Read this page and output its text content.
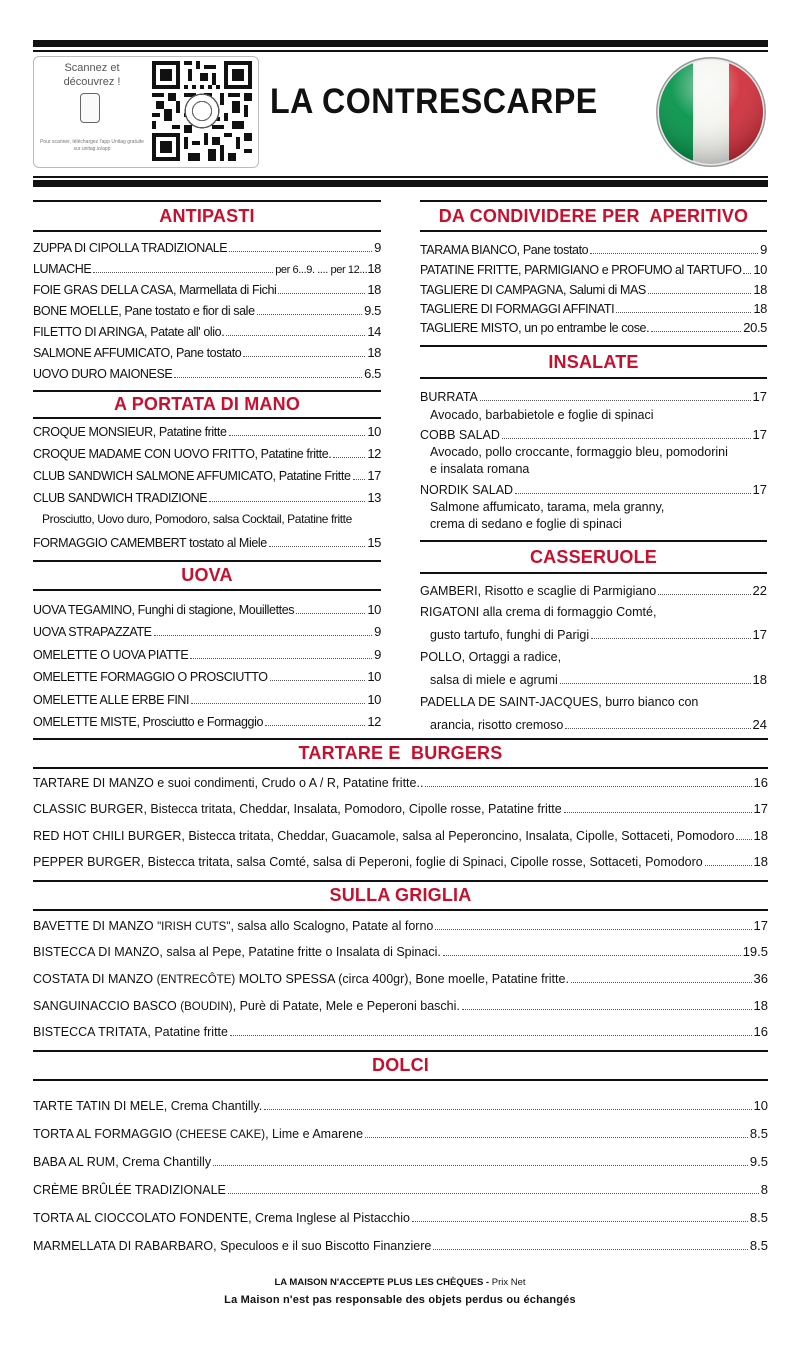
Scannez et découvrez !
Pour scanner, téléchargez l'app Unitag gratuite sur unitag.io/app
LA CONTRESCARPE
ANTIPASTI
ZUPPA DI CIPOLLA TRADIZIONALE	9
LUMACHE	per 6...9. .... per 12... 18
FOIE GRAS DELLA CASA, Marmellata di Fichi	18
BONE MOELLE, Pane tostato e fior di sale	9.5
FILETTO DI ARINGA, Patate all' olio.	14
SALMONE AFFUMICATO, Pane tostato	18
UOVO DURO MAIONESE	6.5
A PORTATA DI MANO
CROQUE MONSIEUR, Patatine fritte	10
CROQUE MADAME CON UOVO FRITTO, Patatine fritte.	12
CLUB SANDWICH SALMONE AFFUMICATO, Patatine Fritte 17
CLUB SANDWICH TRADIZIONE	13
Prosciutto, Uovo duro, Pomodoro, salsa Cocktail, Patatine fritte
FORMAGGIO CAMEMBERT tostato al Miele	15
UOVA
UOVA TEGAMINO, Funghi di stagione, Mouillettes	10
UOVA STRAPAZZATE	9
OMELETTE O UOVA PIATTE	9
OMELETTE FORMAGGIO O PROSCIUTTO	10
OMELETTE ALLE ERBE FINI	10
OMELETTE MISTE, Prosciutto e Formaggio	12
DA CONDIVIDERE PER  APERITIVO
TARAMA BIANCO, Pane tostato	9
PATATINE FRITTE, PARMIGIANO e PROFUMO al TARTUFO 10
TAGLIERE DI CAMPAGNA, Salumi di MAS	18
TAGLIERE DI FORMAGGI AFFINATI	18
TAGLIERE MISTO, un po entrambe le cose.	20.5
INSALATE
BURRATA	17
Avocado, barbabietole e foglie di spinaci
COBB SALAD	17
Avocado, pollo croccante, formaggio bleu, pomodorini
e insalata romana
NORDIK SALAD	17
Salmone affumicato, tarama, mela granny,
crema di sedano e foglie di spinaci
CASSERUOLE
GAMBERI, Risotto e scaglie di Parmigiano	22
RIGATONI alla crema di formaggio Comté,
gusto tartufo, funghi di Parigi	17
POLLO, Ortaggi a radice,
salsa di miele e agrumi	18
PADELLA DE SAINT-JACQUES, burro bianco con
arancia, risotto cremoso	24
TARTARE E  BURGERS
TARTARE DI MANZO e suoi condimenti, Crudo o A / R, Patatine fritte..	16
CLASSIC BURGER, Bistecca tritata, Cheddar, Insalata, Pomodoro, Cipolle rosse, Patatine fritte	17
RED HOT CHILI BURGER, Bistecca tritata, Cheddar, Guacamole, salsa al Peperoncino, Insalata, Cipolle, Sottaceti, Pomodoro 18
PEPPER BURGER, Bistecca tritata, salsa Comté, salsa di Peperoni, foglie di Spinaci, Cipolle rosse, Sottaceti, Pomodoro	18
SULLA GRIGLIA
BAVETTE DI MANZO "IRISH CUTS", salsa allo Scalogno, Patate al forno	17
BISTECCA DI MANZO, salsa al Pepe, Patatine fritte o Insalata di Spinaci.	19.5
COSTATA DI MANZO (ENTRECÔTE) MOLTO SPESSA (circa 400gr), Bone moelle, Patatine fritte.	36
SANGUINACCIO BASCO (BOUDIN), Purè di Patate, Mele e Peperoni baschi.	18
BISTECCA TRITATA, Patatine fritte	16
DOLCI
TARTE TATIN DI MELE, Crema Chantilly.	10
TORTA AL FORMAGGIO (CHEESE CAKE), Lime e Amarene	8.5
BABA AL RUM, Crema Chantilly	9.5
CRÈME BRÛLÉE TRADIZIONALE	8
TORTA AL CIOCCOLATO FONDENTE, Crema Inglese al Pistacchio	8.5
MARMELLATA DI RABARBARO, Speculoos e il suo Biscotto Finanziere	8.5
LA MAISON N'ACCEPTE PLUS LES CHÈQUES - Prix Net
La Maison n'est pas responsable des objets perdus ou échangés
